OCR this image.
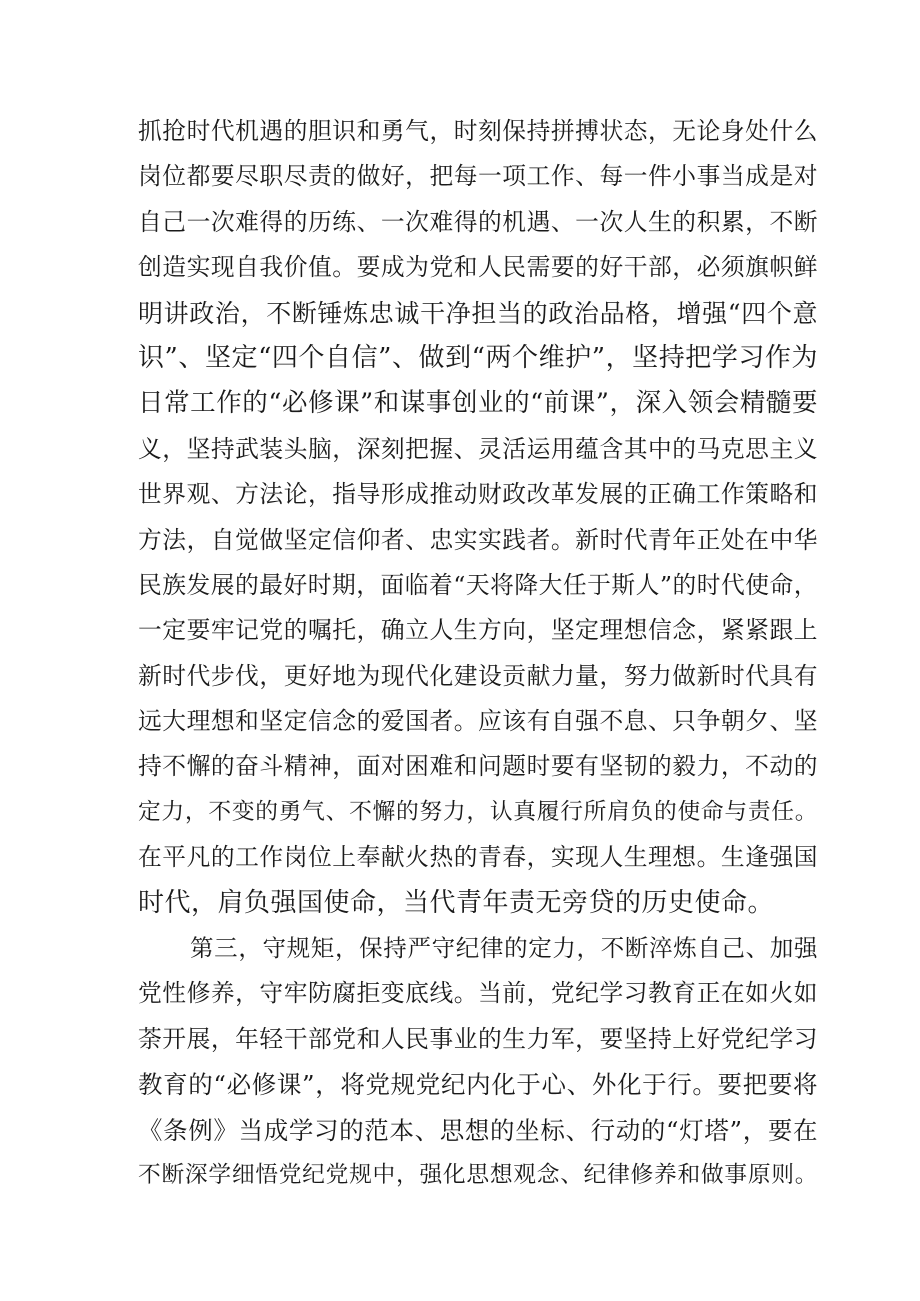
抓抢时代机遇的胆识和勇气，时刻保持拼搏状态，无论身处什么
岗位都要尽职尽责的做好，把每一项工作、每一件小事当成是对
自己一次难得的历练、一次难得的机遇、一次人生的积累，不断
创造实现自我价值。要成为党和人民需要的好干部，必须旗帜鲜
明讲政治，不断锤炼忠诚干净担当的政治品格，增强“四个意
识”、坚定“四个自信”、做到“两个维护”，坚持把学习作为
日常工作的“必修课”和谋事创业的“前课”，深入领会精髓要
义，坚持武装头脑，深刻把握、灵活运用蕴含其中的马克思主义
世界观、方法论，指导形成推动财政改革发展的正确工作策略和
方法，自觉做坚定信仰者、忠实实践者。新时代青年正处在中华
民族发展的最好时期，面临着“天将降大任于斯人”的时代使命，
一定要牢记党的嘱托，确立人生方向，坚定理想信念，紧紧跟上
新时代步伐，更好地为现代化建设贡献力量，努力做新时代具有
远大理想和坚定信念的爱国者。应该有自强不息、只争朝夕、坚
持不懈的奋斗精神，面对困难和问题时要有坚韧的毅力，不动的
定力，不变的勇气、不懈的努力，认真履行所肩负的使命与责任。
在平凡的工作岗位上奉献火热的青春，实现人生理想。生逢强国
时代，肩负强国使命，当代青年责无旁贷的历史使命。
第三，守规矩，保持严守纪律的定力，不断淬炼自己、加强
党性修养，守牢防腐拒变底线。当前，党纪学习教育正在如火如
荼开展，年轻干部党和人民事业的生力军，要坚持上好党纪学习
教育的“必修课”，将党规党纪内化于心、外化于行。要把要将
《条例》当成学习的范本、思想的坐标、行动的“灯塔”，要在
不断深学细悟党纪党规中，强化思想观念、纪律修养和做事原则。
